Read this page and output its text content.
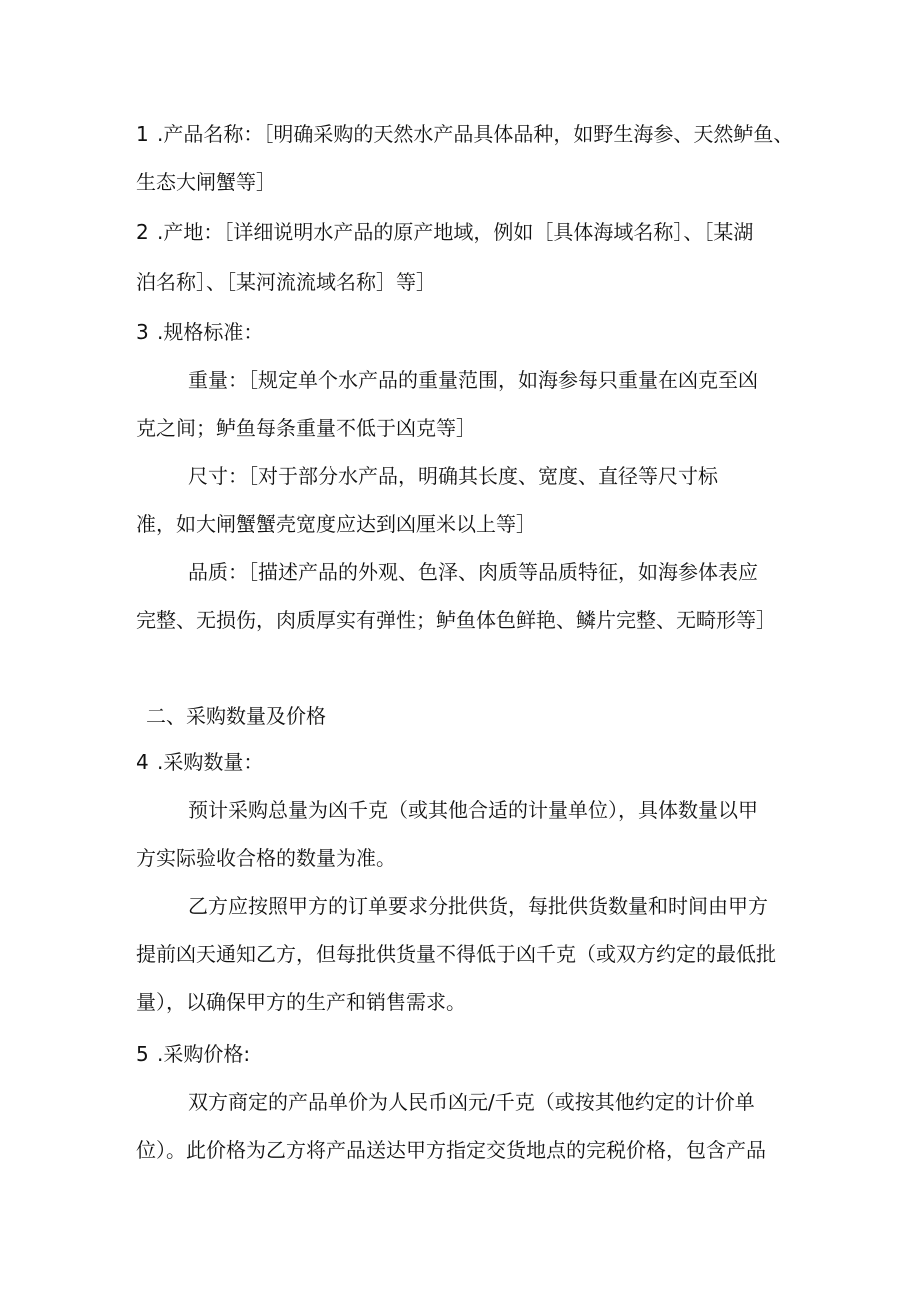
1 .产品名称：［明确采购的天然水产品具体品种，如野生海参、天然鲈鱼、

生态大闸蟹等］

2 .产地：［详细说明水产品的原产地域，例如［具体海域名称］、［某湖

泊名称］、［某河流流域名称］等］

3 .规格标准：

重量：［规定单个水产品的重量范围，如海参每只重量在凶克至凶

克之间；鲈鱼每条重量不低于凶克等］

尺寸：［对于部分水产品，明确其长度、宽度、直径等尺寸标

准，如大闸蟹蟹壳宽度应达到凶厘米以上等］

品质：［描述产品的外观、色泽、肉质等品质特征，如海参体表应

完整、无损伤，肉质厚实有弹性；鲈鱼体色鲜艳、鳞片完整、无畸形等］

二、采购数量及价格

4 .采购数量：

预计采购总量为凶千克（或其他合适的计量单位），具体数量以甲

方实际验收合格的数量为准。

乙方应按照甲方的订单要求分批供货，每批供货数量和时间由甲方

提前凶天通知乙方，但每批供货量不得低于凶千克（或双方约定的最低批

量），以确保甲方的生产和销售需求。

5 .采购价格:

双方商定的产品单价为人民币凶元/千克（或按其他约定的计价单

位）。此价格为乙方将产品送达甲方指定交货地点的完税价格，包含产品
